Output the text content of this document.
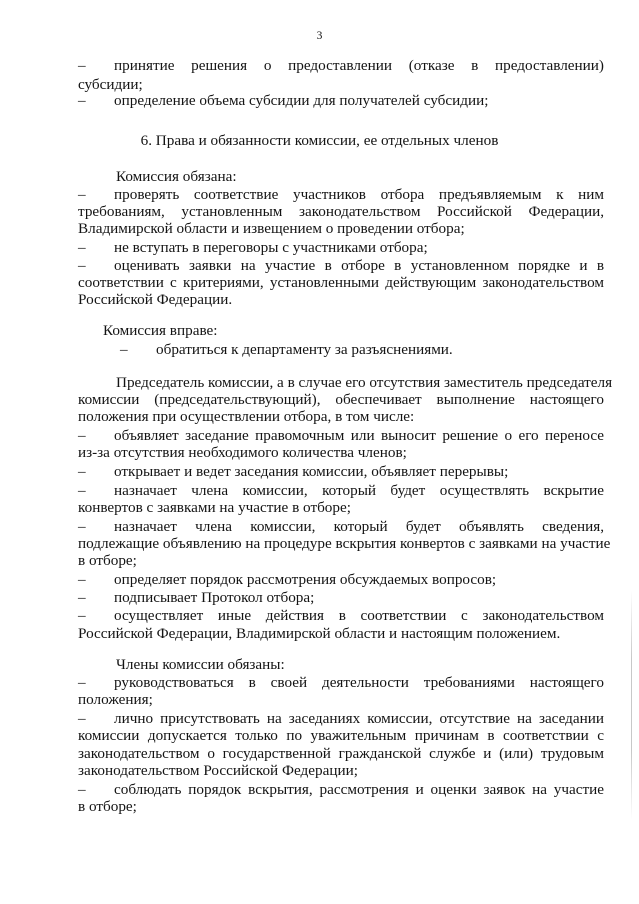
3
– принятие решения о предоставлении (отказе в предоставлении)
субсидии;
– определение объема субсидии для получателей субсидии;
6. Права и обязанности комиссии, ее отдельных членов
Комиссия обязана:
– проверять соответствие участников отбора предъявляемым к ним
требованиям, установленным законодательством Российской Федерации,
Владимирской области и извещением о проведении отбора;
– не вступать в переговоры с участниками отбора;
– оценивать заявки на участие в отборе в установленном порядке и в
соответствии с критериями, установленными действующим законодательством
Российской Федерации.
Комиссия вправе:
– обратиться к департаменту за разъяснениями.
Председатель комиссии, а в случае его отсутствия заместитель председателя
комиссии (председательствующий), обеспечивает выполнение настоящего
положения при осуществлении отбора, в том числе:
– объявляет заседание правомочным или выносит решение о его переносе
из-за отсутствия необходимого количества членов;
– открывает и ведет заседания комиссии, объявляет перерывы;
– назначает члена комиссии, который будет осуществлять вскрытие
конвертов с заявками на участие в отборе;
– назначает члена комиссии, который будет объявлять сведения,
подлежащие объявлению на процедуре вскрытия конвертов с заявками на участие
в отборе;
– определяет порядок рассмотрения обсуждаемых вопросов;
– подписывает Протокол отбора;
– осуществляет иные действия в соответствии с законодательством
Российской Федерации, Владимирской области и настоящим положением.
Члены комиссии обязаны:
– руководствоваться в своей деятельности требованиями настоящего
положения;
– лично присутствовать на заседаниях комиссии, отсутствие на заседании
комиссии допускается только по уважительным причинам в соответствии с
законодательством о государственной гражданской службе и (или) трудовым
законодательством Российской Федерации;
– соблюдать порядок вскрытия, рассмотрения и оценки заявок на участие
в отборе;
